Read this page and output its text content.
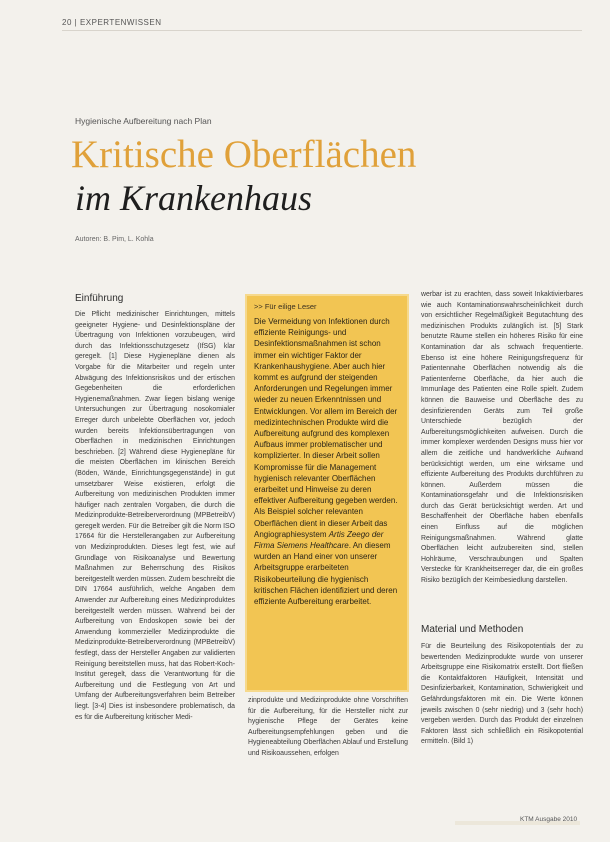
20 | EXPERTENWISSEN
Hygienische Aufbereitung nach Plan
Kritische Oberflächen
im Krankenhaus
Autoren: B. Pim, L. Kohla
Einführung

Die Pflicht medizinischer Einrichtungen, mittels geeigneter Hygiene- und Desinfektionspläne der Übertragung von Infektionen vorzubeugen, wird durch das Infektionsschutzgesetz (IfSG) klar geregelt. [1] Diese Hygienepläne dienen als Vorgabe für die Mitarbeiter und regeln unter Abwägung des Infektionsrisikos und der ertischen Gegebenheiten die erforderlichen Hygienemaßnahmen. Zwar liegen bislang wenige Untersuchungen zur Übertragung nosokomialer Erreger durch unbelebte Oberflächen vor, jedoch wurden bereits Infektionsübertragungen von Oberflächen in medizinischen Einrichtungen beschrieben. [2] Während diese Hygienepläne für die meisten Oberflächen im klinischen Bereich (Böden, Wände, Einrichtungsgegenstände) in gut umsetzbarer Weise existieren, erfolgt die Aufbereitung von medizinischen Produkten immer häufiger nach zentralen Vorgaben, die durch die Medizinprodukte-Betreiberverordnung (MPBetreibV) geregelt werden. Für die Betreiber gilt die Norm ISO 17664 für die Herstellerangaben zur Aufbereitung von Medizinprodukten. Dieses legt fest, wie auf Grundlage von Risikoanalyse und Bewertung Maßnahmen zur Beherrschung des Risikos bereitgestellt werden müssen. Zudem beschreibt die DIN 17664 ausführlich, welche Angaben dem Anwender zur Aufbereitung eines Medizinproduktes bereitgestellt werden müssen. Während bei der Aufbereitung von Endoskopen sowie bei der Anwendung kommerzieller Medizinprodukte die Medizinprodukte-Betreiberverordnung (MPBetreibV) festlegt, dass der Hersteller Angaben zur validierten Reinigung bereitstellen muss, hat das Robert-Koch-Institut geregelt, dass die Verantwortung für die Aufbereitung und die Festlegung von Art und Umfang der Aufbereitungsverfahren beim Betreiber liegt. [3-4] Dies ist insbesondere problematisch, da es für die Aufbereitung kritischer Medi-

>> Für eilige Leser
Die Vermeidung von Infektionen durch effiziente Reinigungs- und Desinfektionsmaßnahmen ist schon immer ein wichtiger Faktor der Krankenhaushygiene. Aber auch hier kommt es aufgrund der steigenden Anforderungen und Regelungen immer wieder zu neuen Erkenntnissen und Entwicklungen. Vor allem im Bereich der medizintechnischen Produkte wird die Aufbereitung aufgrund des komplexen Aufbaus immer problematischer und komplizierter. In dieser Arbeit sollen Kompromisse für die Management hygienisch relevanter Oberflächen erarbeitet und Hinweise zu deren effektiver Aufbereitung gegeben werden. Als Beispiel solcher relevanten Oberflächen dient in dieser Arbeit das Angiographiesystem Artis Zeego der Firma Siemens Healthcare. An diesem wurden an Hand einer von unserer Arbeitsgruppe erarbeiteten Risikobeurteilung die hygienisch kritischen Flächen identifiziert und deren effiziente Aufbereitung erarbeitet.

zinprodukte und Medizinprodukte ohne Vorschriften für die Aufbereitung, für die Hersteller nicht zur hygienische Pflege der Gerätes keine Aufbereitungsempfehlungen geben und die Hygieneabteilung Oberflächen Ablauf und Erstellung und Risikoaussehen, erfolgen

werbar ist zu erachten, dass soweit Inkaktivierbares wie auch Kontaminationswahrscheinlichkeit durch von ersichtlicher Regelmäßigkeit Begutachtung des medizinischen Produkts zulänglich ist. [5] Stark benutzte Räume stellen ein höheres Risiko für eine Kontamination dar als schwach frequentierte. Ebenso ist eine höhere Reinigungsfrequenz für Patientennahe Oberflächen notwendig als die Patientenferne Oberfläche, da hier auch die Immunlage des Patienten eine Rolle spielt. Zudem können die Bauweise und Oberfläche des zu desinfizierenden Geräts zum Teil große Unterschiede bezüglich der Aufbereitungsmöglichkeiten aufweisen. Durch die immer komplexer werdenden Designs muss hier vor allem die zeitliche und handwerkliche Aufwand berücksichtigt werden, um eine wirksame und effiziente Aufbereitung des Produkts durchführen zu können. Außerdem müssen die Kontaminationsgefahr und die Infektionsrisiken durch das Gerät berücksichtigt werden. Art und Beschaffenheit der Oberfläche haben ebenfalls einen Einfluss auf die möglichen Reinigungsmaßnahmen. Während glatte Oberflächen leicht aufzubereiten sind, stellen Hohlräume, Verschraubungen und Spalten Verstecke für Krankheitserreger dar, die ein großes Risiko bezüglich der Keimbesiedlung darstellen.

Material und Methoden

Für die Beurteilung des Risikopotentials der zu bewertenden Medizinprodukte wurde von unserer Arbeitsgruppe eine Risikomatrix erstellt. Dort fließen die Kontaktfaktoren Häufigkeit, Intensität und Desinfizierbarkeit, Kontamination, Schwierigkeit und Gefährdungsfaktoren mit ein. Die Werte können jeweils zwischen 0 (sehr niedrig) und 3 (sehr hoch) vergeben werden. Durch das Produkt der einzelnen Faktoren lässt sich schließlich ein Risikopotential ermitteln. (Bild 1)

KTM Ausgabe 2010
